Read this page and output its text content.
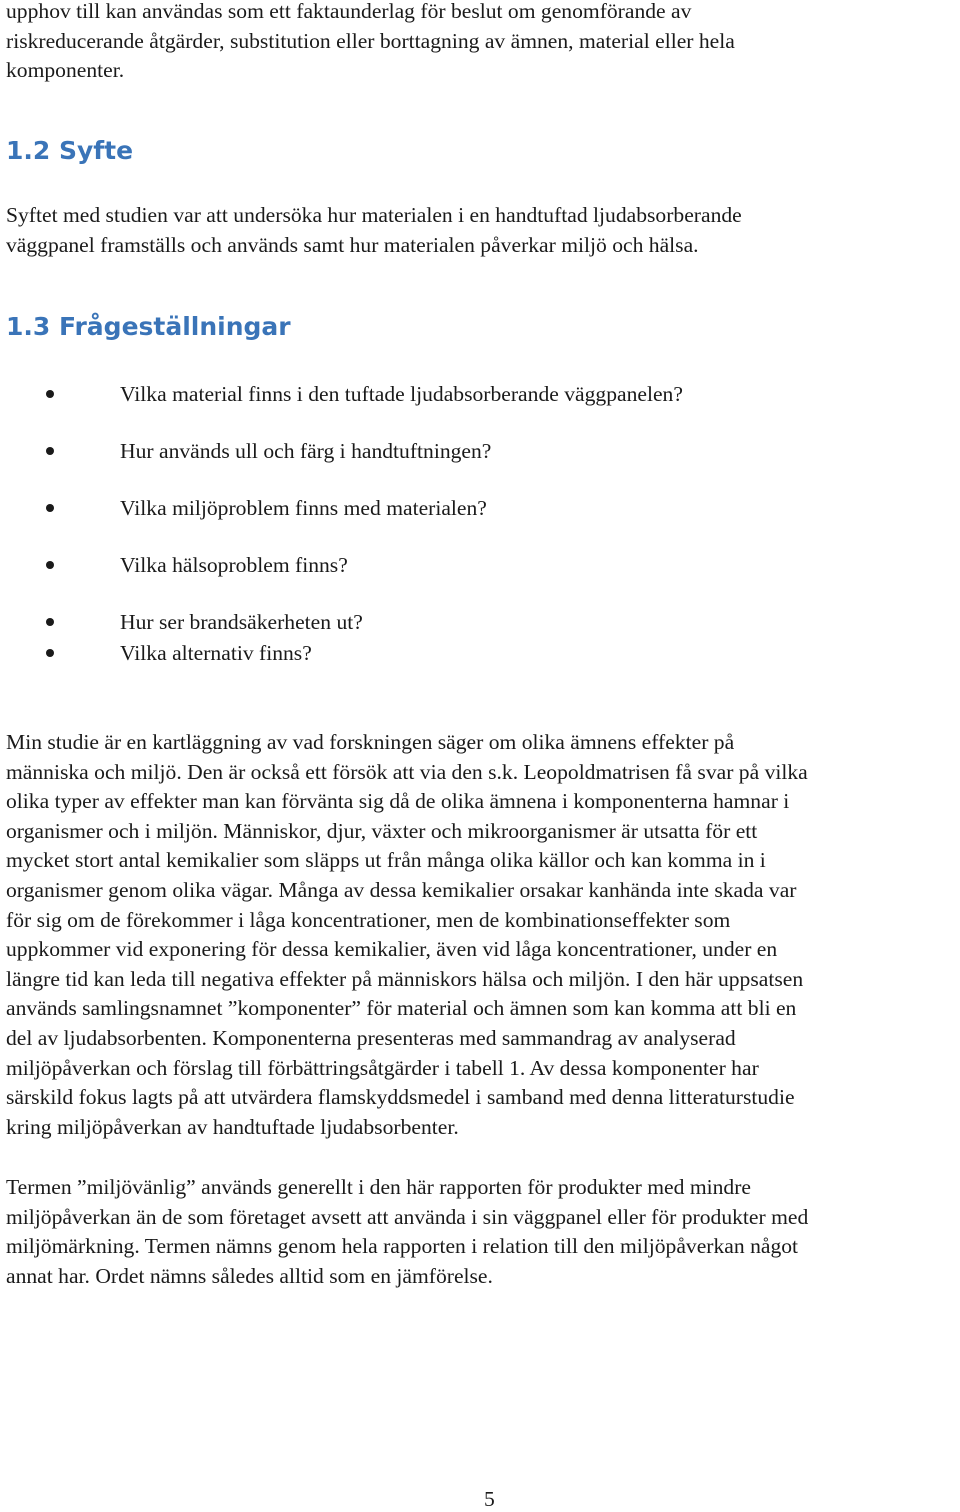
upphov till kan användas som ett faktaunderlag för beslut om genomförande av
riskreducerande åtgärder, substitution eller borttagning av ämnen, material eller hela
komponenter.
1.2 Syfte
Syftet med studien var att undersöka hur materialen i en handtuftad ljudabsorberande
väggpanel framställs och används samt hur materialen påverkar miljö och hälsa.
1.3 Frågeställningar
Vilka material finns i den tuftade ljudabsorberande väggpanelen?
Hur används ull och färg i handtuftningen?
Vilka miljöproblem finns med materialen?
Vilka hälsoproblem finns?
Hur ser brandsäkerheten ut?
Vilka alternativ finns?
Min studie är en kartläggning av vad forskningen säger om olika ämnens effekter på
människa och miljö. Den är också ett försök att via den s.k. Leopoldmatrisen få svar på vilka
olika typer av effekter man kan förvänta sig då de olika ämnena i komponenterna hamnar i
organismer och i miljön. Människor, djur, växter och mikroorganismer är utsatta för ett
mycket stort antal kemikalier som släpps ut från många olika källor och kan komma in i
organismer genom olika vägar. Många av dessa kemikalier orsakar kanhända inte skada var
för sig om de förekommer i låga koncentrationer, men de kombinationseffekter som
uppkommer vid exponering för dessa kemikalier, även vid låga koncentrationer, under en
längre tid kan leda till negativa effekter på människors hälsa och miljön. I den här uppsatsen
används samlingsnamnet ”komponenter” för material och ämnen som kan komma att bli en
del av ljudabsorbenten. Komponenterna presenteras med sammandrag av analyserad
miljöpåverkan och förslag till förbättringsåtgärder i tabell 1. Av dessa komponenter har
särskild fokus lagts på att utvärdera flamskyddsmedel i samband med denna litteraturstudie
kring miljöpåverkan av handtuftade ljudabsorbenter.
Termen ”miljövänlig” används generellt i den här rapporten för produkter med mindre
miljöpåverkan än de som företaget avsett att använda i sin väggpanel eller för produkter med
miljömärkning. Termen nämns genom hela rapporten i relation till den miljöpåverkan något
annat har. Ordet nämns således alltid som en jämförelse.
5
